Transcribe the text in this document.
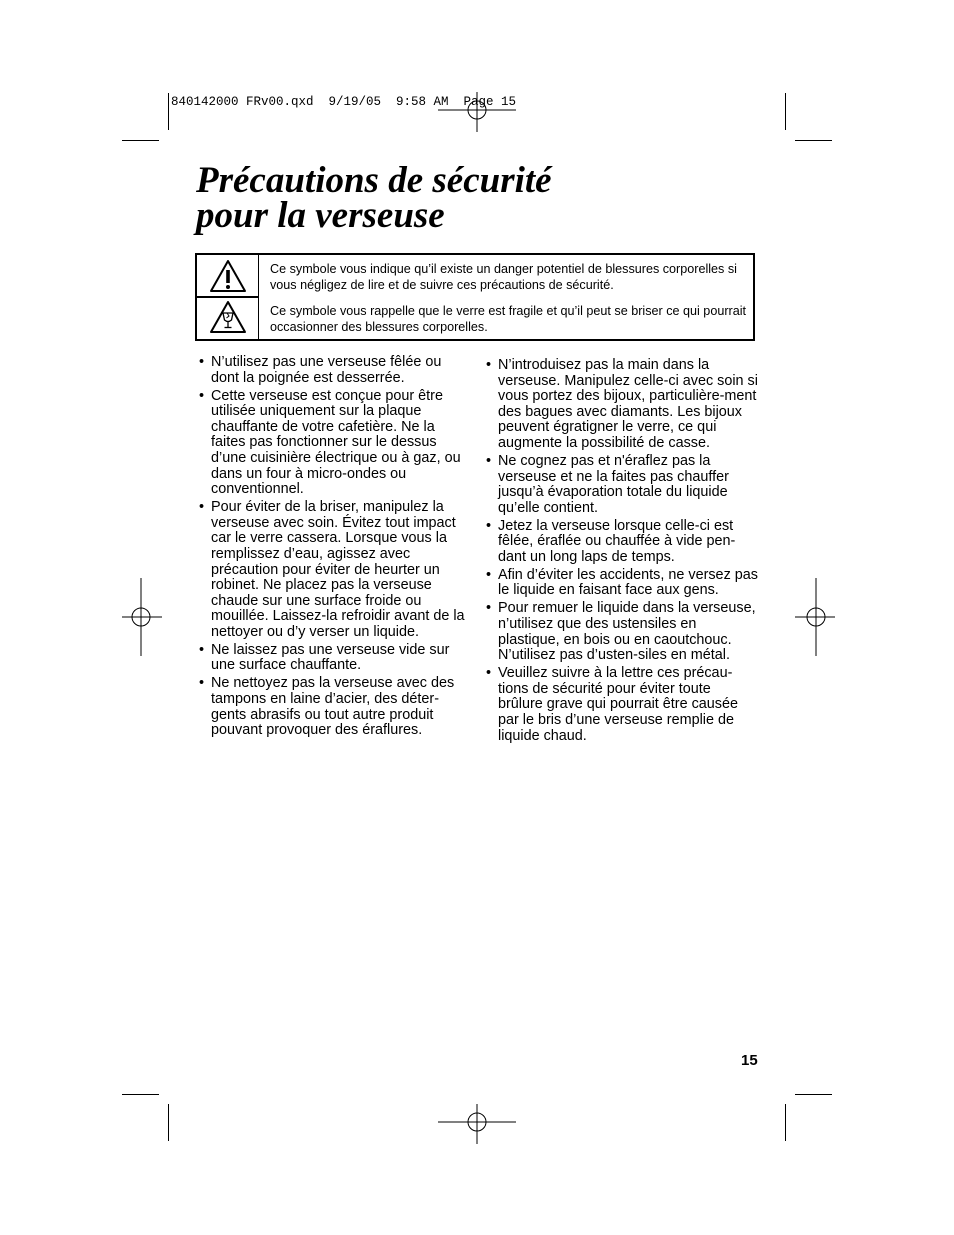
840142000 FRv00.qxd  9/19/05  9:58 AM  Page 15
Précautions de sécurité
pour la verseuse
Ce symbole vous indique qu’il existe un danger potentiel de blessures corporelles si vous négligez de lire et de suivre ces précautions de sécurité.
Ce symbole vous rappelle que le verre est fragile et qu’il peut se briser ce qui pourrait occasionner des blessures corporelles.
• N’utilisez pas une verseuse fêlée ou dont la poignée est desserrée.
• Cette verseuse est conçue pour être utilisée uniquement sur la plaque chauffante de votre cafetière. Ne la faites pas fonctionner sur le dessus d’une cuisinière électrique ou à gaz, ou dans un four à micro-ondes ou conventionnel.
• Pour éviter de la briser, manipulez la verseuse avec soin. Évitez tout impact car le verre cassera. Lorsque vous la remplissez d’eau, agissez avec précaution pour éviter de heurter un robinet. Ne placez pas la verseuse chaude sur une surface froide ou mouillée. Laissez-la refroidir avant de la nettoyer ou d’y verser un liquide.
• Ne laissez pas une verseuse vide sur une surface chauffante.
• Ne nettoyez pas la verseuse avec des tampons en laine d’acier, des déter-gents abrasifs ou tout autre produit pouvant provoquer des éraflures.
• N’introduisez pas la main dans la verseuse. Manipulez celle-ci avec soin si vous portez des bijoux, particulière-ment des bagues avec diamants. Les bijoux peuvent égratigner le verre, ce qui augmente la possibilité de casse.
• Ne cognez pas et n'éraflez pas la verseuse et ne la faites pas chauffer jusqu’à évaporation totale du liquide qu’elle contient.
• Jetez la verseuse lorsque celle-ci est fêlée, éraflée ou chauffée à vide pen-dant un long laps de temps.
• Afin d’éviter les accidents, ne versez pas le liquide en faisant face aux gens.
• Pour remuer le liquide dans la verseuse, n’utilisez que des ustensiles en plastique, en bois ou en caoutchouc. N’utilisez pas d’usten-siles en métal.
• Veuillez suivre à la lettre ces précau-tions de sécurité pour éviter toute brûlure grave qui pourrait être causée par le bris d’une verseuse remplie de liquide chaud.
15
